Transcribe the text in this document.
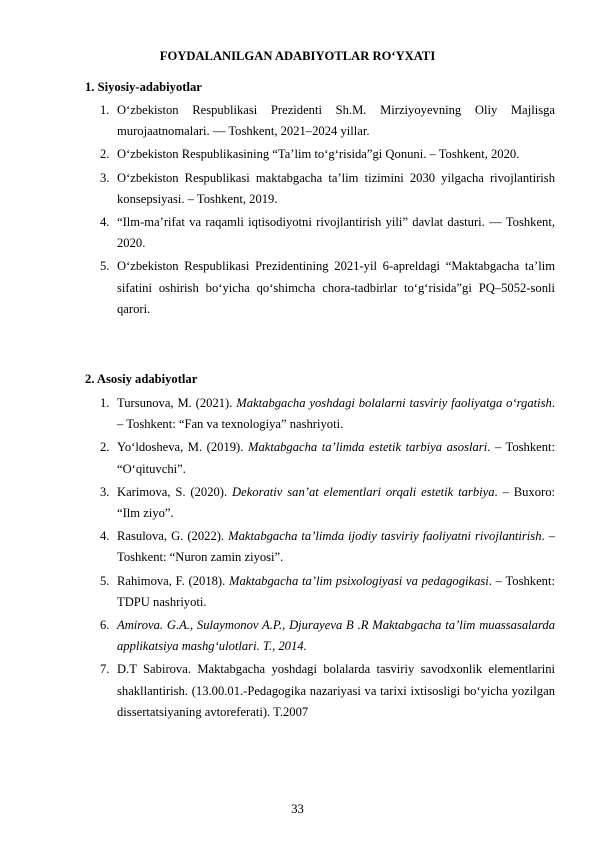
FOYDALANILGAN ADABIYOTLAR RO‘YXATI
1. Siyosiy-adabiyotlar
1. O‘zbekiston Respublikasi Prezidenti Sh.M. Mirziyoyevning Oliy Majlisga murojaatnomalari. — Toshkent, 2021–2024 yillar.
2. O‘zbekiston Respublikasining “Ta’lim to‘g‘risida”gi Qonuni. – Toshkent, 2020.
3. O‘zbekiston Respublikasi maktabgacha ta’lim tizimini 2030 yilgacha rivojlantirish konsepsiyasi. – Toshkent, 2019.
4. “Ilm-ma’rifat va raqamli iqtisodiyotni rivojlantirish yili” davlat dasturi. — Toshkent, 2020.
5. O‘zbekiston Respublikasi Prezidentining 2021-yil 6-apreldagi “Maktabgacha ta’lim sifatini oshirish bo‘yicha qo‘shimcha chora-tadbirlar to‘g‘risida”gi PQ–5052-sonli qarori.
2. Asosiy adabiyotlar
1. Tursunova, M. (2021). Maktabgacha yoshdagi bolalarni tasviriy faoliyatga o‘rgatish. – Toshkent: “Fan va texnologiya” nashriyoti.
2. Yo‘ldosheva, M. (2019). Maktabgacha ta’limda estetik tarbiya asoslari. – Toshkent: “O‘qituvchi”.
3. Karimova, S. (2020). Dekorativ san’at elementlari orqali estetik tarbiya. – Buxoro: “Ilm ziyo”.
4. Rasulova, G. (2022). Maktabgacha ta’limda ijodiy tasviriy faoliyatni rivojlantirish. – Toshkent: “Nuron zamin ziyosi”.
5. Rahimova, F. (2018). Maktabgacha ta’lim psixologiyasi va pedagogikasi. – Toshkent: TDPU nashriyoti.
6. Amirova. G.A., Sulaymonov A.P., Djurayeva B .R Maktabgacha ta’lim muassasalarda applikatsiya mashg‘ulotlari. T., 2014.
7. D.T Sabirova. Maktabgacha yoshdagi bolalarda tasviriy savodxonlik elementlarini shakllantirish. (13.00.01.-Pedagogika nazariyasi va tarixi ixtisosligi bo‘yicha yozilgan dissertatsiyaning avtoreferati). T.2007
33
